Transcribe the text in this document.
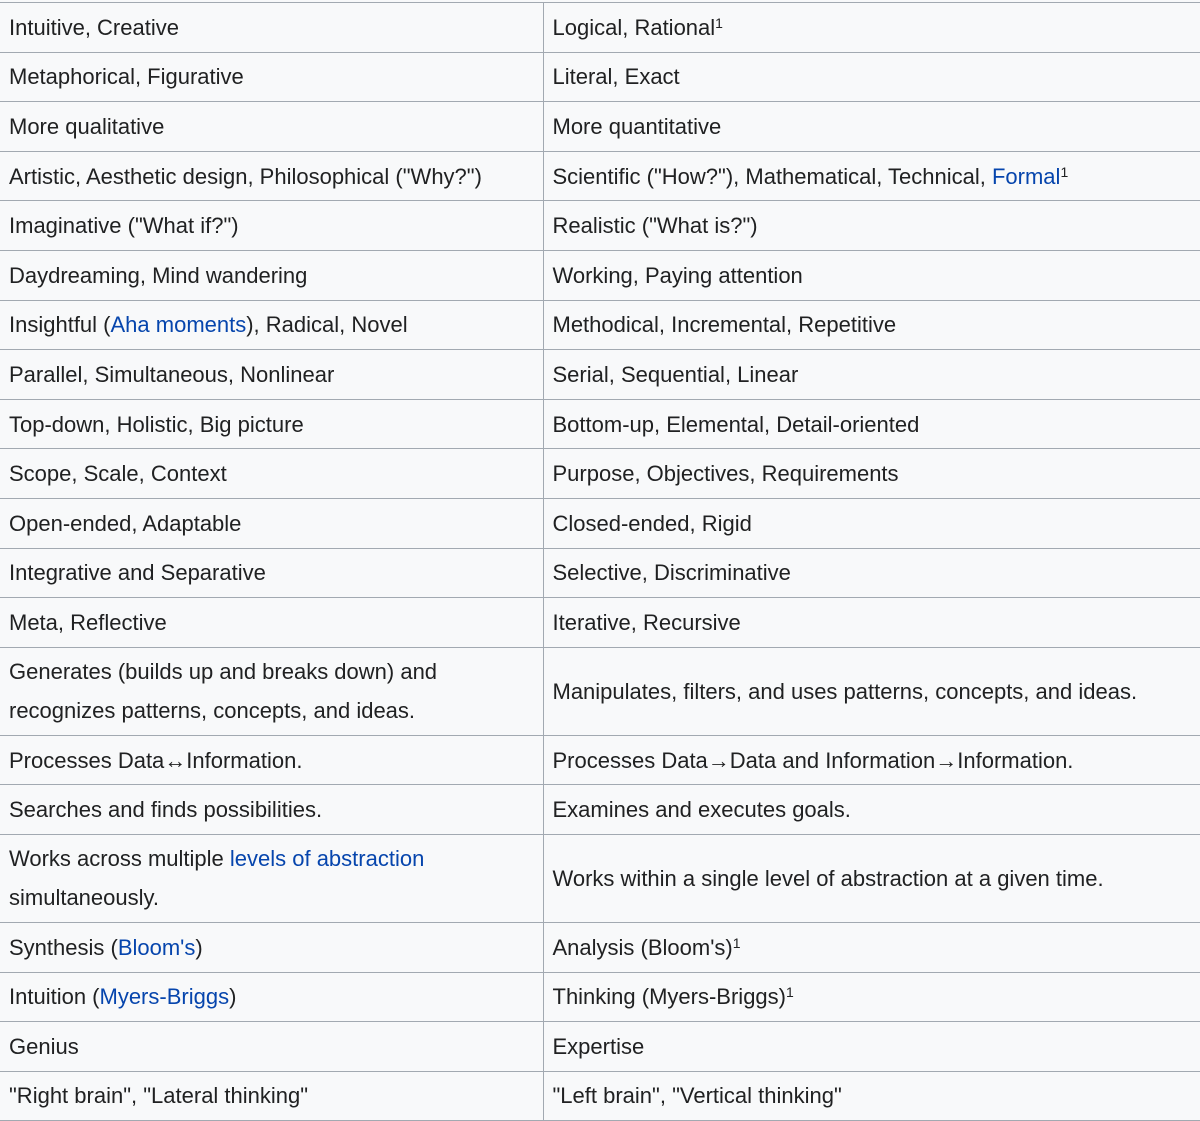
Intuitive, Creative	Logical, Rational$^1$
Metaphorical, Figurative	Literal, Exact
More qualitative	More quantitative
Artistic, Aesthetic design, Philosophical ("Why?")	Scientific ("How?"), Mathematical, Technical, Formal$^1$
Imaginative ("What if?")	Realistic ("What is?")
Daydreaming, Mind wandering	Working, Paying attention
Insightful (Aha moments), Radical, Novel	Methodical, Incremental, Repetitive
Parallel, Simultaneous, Nonlinear	Serial, Sequential, Linear
Top-down, Holistic, Big picture	Bottom-up, Elemental, Detail-oriented
Scope, Scale, Context	Purpose, Objectives, Requirements
Open-ended, Adaptable	Closed-ended, Rigid
Integrative and Separative	Selective, Discriminative
Meta, Reflective	Iterative, Recursive
Generates (builds up and breaks down) and recognizes patterns, concepts, and ideas.	Manipulates, filters, and uses patterns, concepts, and ideas.
Processes Data↔Information.	Processes Data→Data and Information→Information.
Searches and finds possibilities.	Examines and executes goals.
Works across multiple levels of abstraction simultaneously.	Works within a single level of abstraction at a given time.
Synthesis (Bloom's)	Analysis (Bloom's)$^1$
Intuition (Myers-Briggs)	Thinking (Myers-Briggs)$^1$
Genius	Expertise
"Right brain", "Lateral thinking"	"Left brain", "Vertical thinking"
